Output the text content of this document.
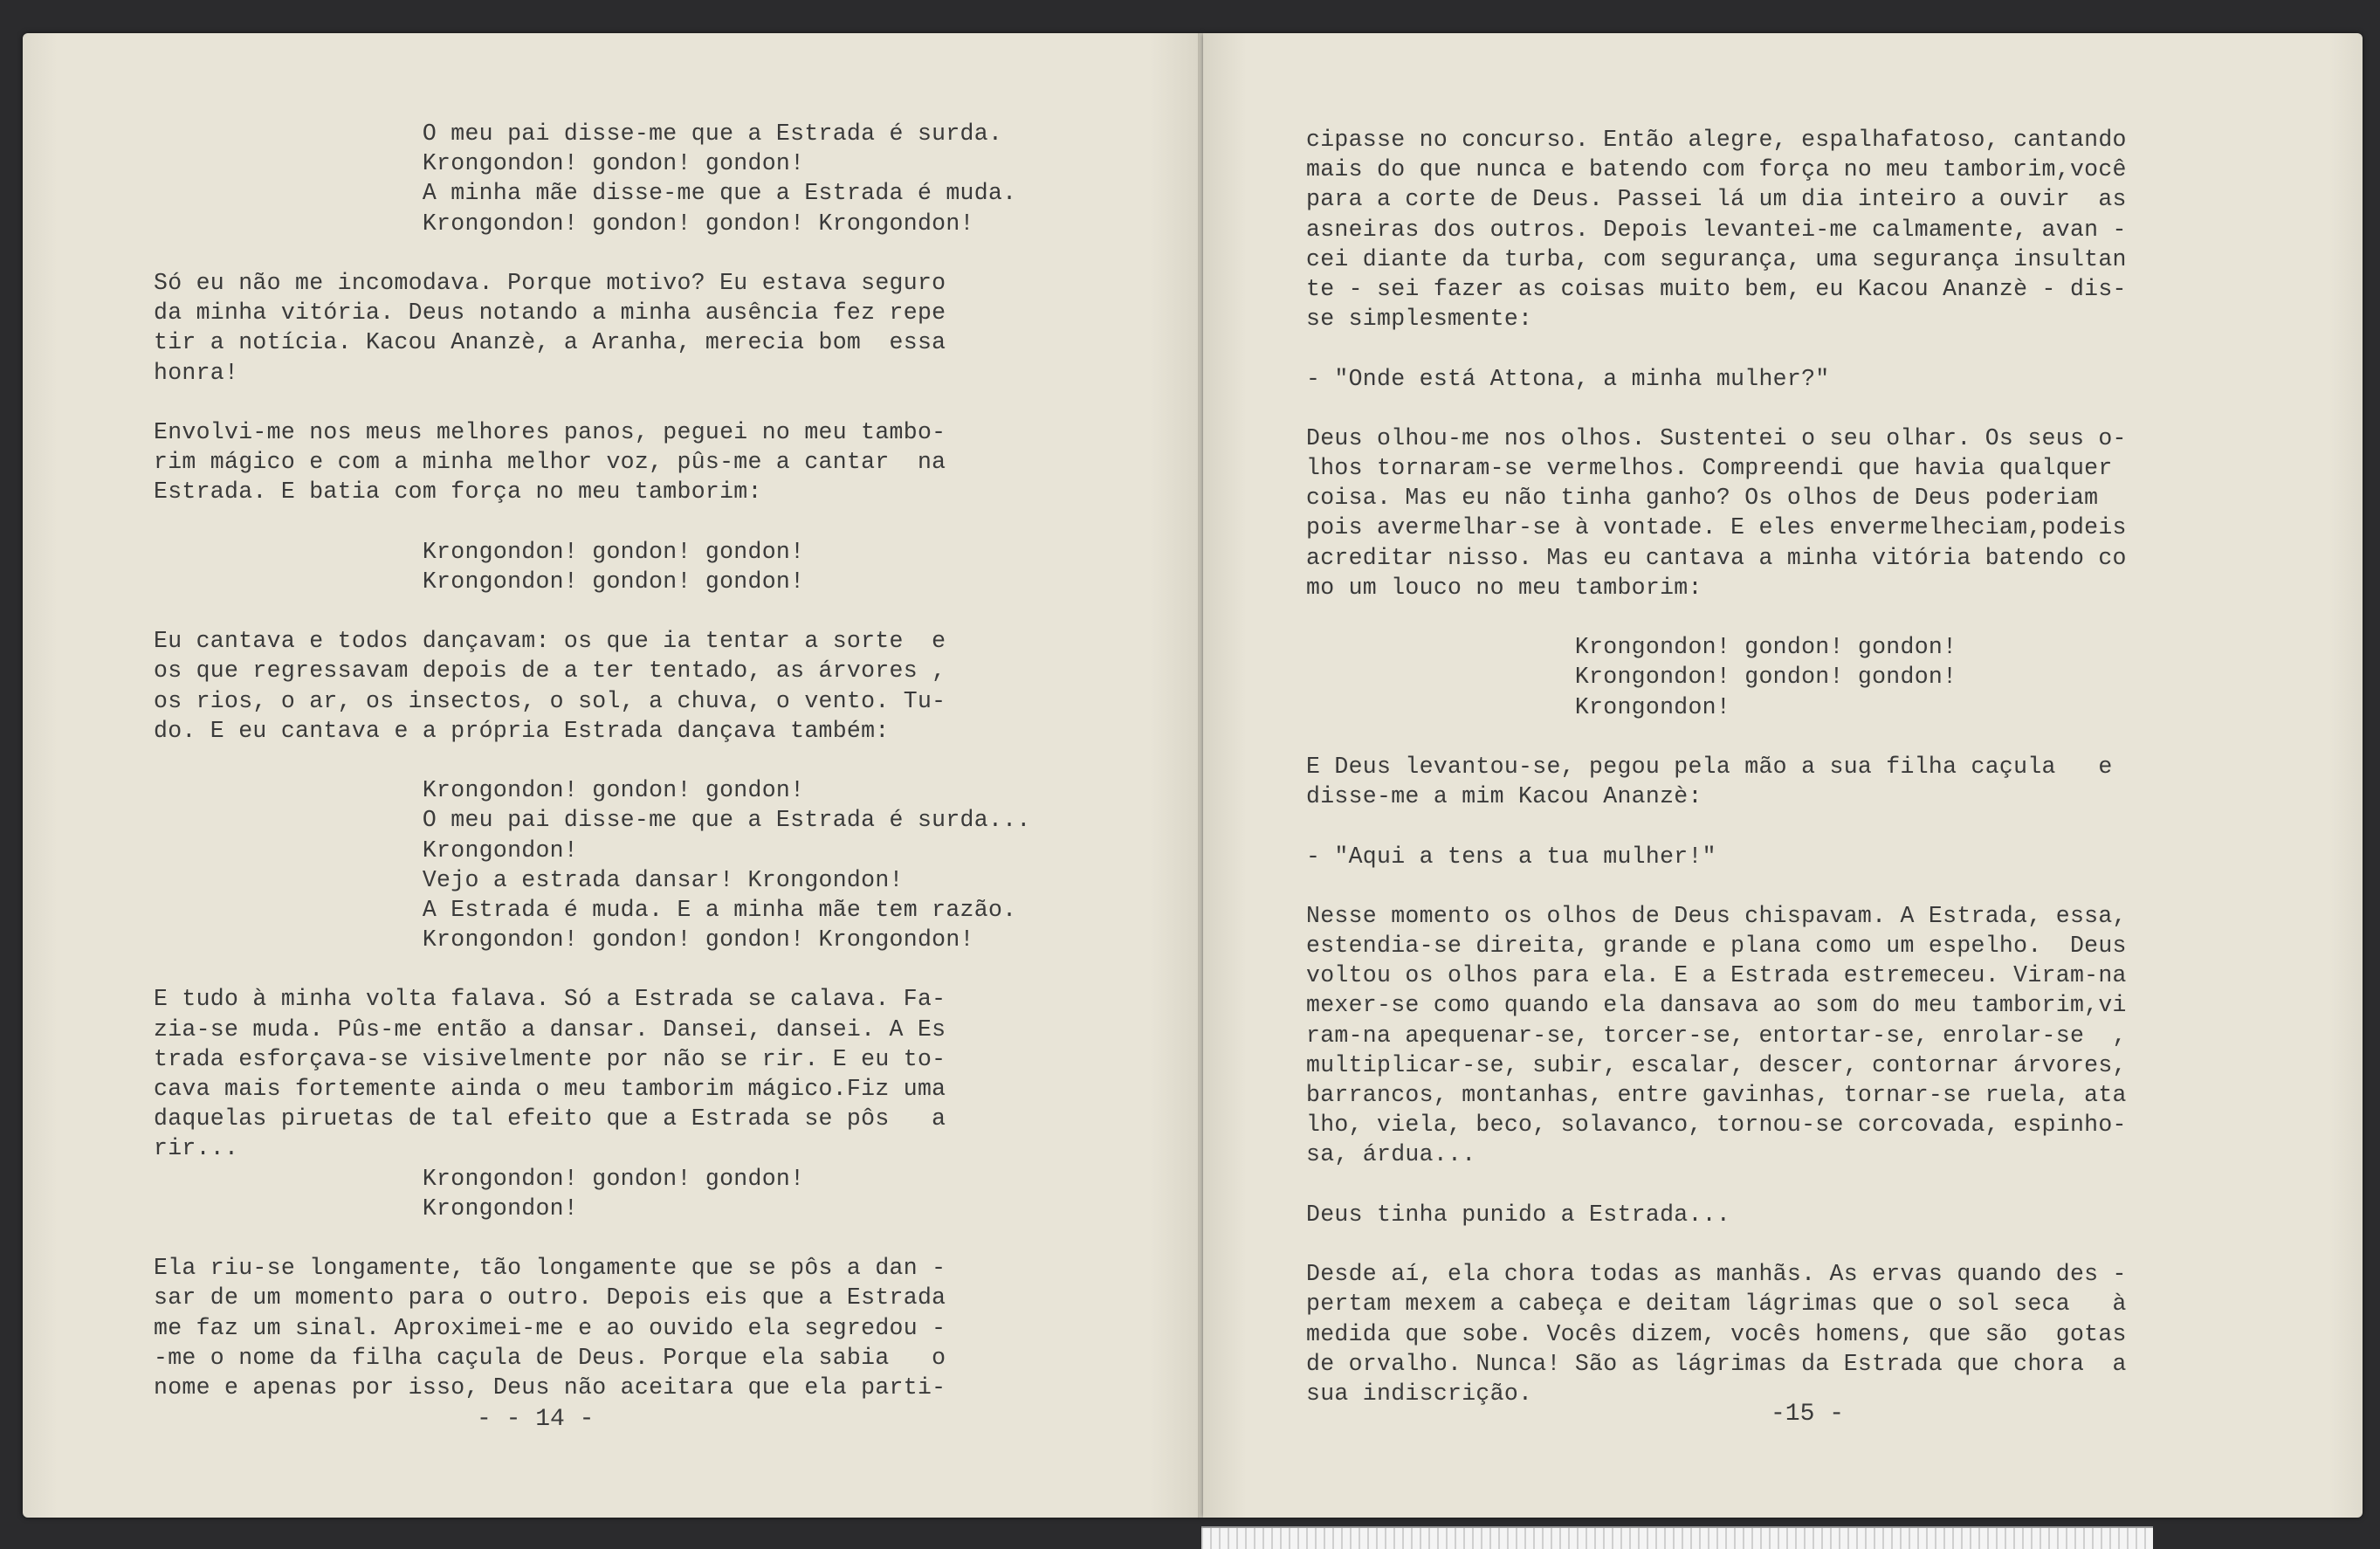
O meu pai disse-me que a Estrada é surda.
Krongondon! gondon! gondon!
A minha mãe disse-me que a Estrada é muda.
Krongondon! gondon! gondon! Krongondon!
Só eu não me incomodava. Porque motivo? Eu estava seguro
da minha vitória. Deus notando a minha ausência fez repe
tir a notícia. Kacou Ananzè, a Aranha, merecia bom  essa
honra!
Envolvi-me nos meus melhores panos, peguei no meu tambo-
rim mágico e com a minha melhor voz, pûs-me a cantar  na
Estrada. E batia com força no meu tamborim:
Krongondon! gondon! gondon!
Krongondon! gondon! gondon!
Eu cantava e todos dançavam: os que ia tentar a sorte  e
os que regressavam depois de a ter tentado, as árvores ,
os rios, o ar, os insectos, o sol, a chuva, o vento. Tu-
do. E eu cantava e a própria Estrada dançava também:
Krongondon! gondon! gondon!
O meu pai disse-me que a Estrada é surda...
Krongondon!
Vejo a estrada dansar! Krongondon!
A Estrada é muda. E a minha mãe tem razão.
Krongondon! gondon! gondon! Krongondon!
E tudo à minha volta falava. Só a Estrada se calava. Fa-
zia-se muda. Pûs-me então a dansar. Dansei, dansei. A Es
trada esforçava-se visivelmente por não se rir. E eu to-
cava mais fortemente ainda o meu tamborim mágico.Fiz uma
daquelas piruetas de tal efeito que a Estrada se pôs   a
rir...
Krongondon! gondon! gondon!
Krongondon!
Ela riu-se longamente, tão longamente que se pôs a dan -
sar de um momento para o outro. Depois eis que a Estrada
me faz um sinal. Aproximei-me e ao ouvido ela segredou -
-me o nome da filha caçula de Deus. Porque ela sabia   o
nome e apenas por isso, Deus não aceitara que ela parti-
- - 14 -
cipasse no concurso. Então alegre, espalhafatoso, cantando
mais do que nunca e batendo com força no meu tamborim,você
para a corte de Deus. Passei lá um dia inteiro a ouvir  as
asneiras dos outros. Depois levantei-me calmamente, avan -
cei diante da turba, com segurança, uma segurança insultan
te - sei fazer as coisas muito bem, eu Kacou Ananzè - dis-
se simplesmente:
- "Onde está Attona, a minha mulher?"
Deus olhou-me nos olhos. Sustentei o seu olhar. Os seus o-
lhos tornaram-se vermelhos. Compreendi que havia qualquer
coisa. Mas eu não tinha ganho? Os olhos de Deus poderiam
pois avermelhar-se à vontade. E eles envermelheciam,podeis
acreditar nisso. Mas eu cantava a minha vitória batendo co
mo um louco no meu tamborim:
Krongondon! gondon! gondon!
Krongondon! gondon! gondon!
Krongondon!
E Deus levantou-se, pegou pela mão a sua filha caçula   e
disse-me a mim Kacou Ananzè:
- "Aqui a tens a tua mulher!"
Nesse momento os olhos de Deus chispavam. A Estrada, essa,
estendia-se direita, grande e plana como um espelho.  Deus
voltou os olhos para ela. E a Estrada estremeceu. Viram-na
mexer-se como quando ela dansava ao som do meu tamborim,vi
ram-na apequenar-se, torcer-se, entortar-se, enrolar-se  ,
multiplicar-se, subir, escalar, descer, contornar árvores,
barrancos, montanhas, entre gavinhas, tornar-se ruela, ata
lho, viela, beco, solavanco, tornou-se corcovada, espinho-
sa, árdua...
Deus tinha punido a Estrada...
Desde aí, ela chora todas as manhãs. As ervas quando des -
pertam mexem a cabeça e deitam lágrimas que o sol seca   à
medida que sobe. Vocês dizem, vocês homens, que são  gotas
de orvalho. Nunca! São as lágrimas da Estrada que chora  a
sua indiscrição.
-15 -
